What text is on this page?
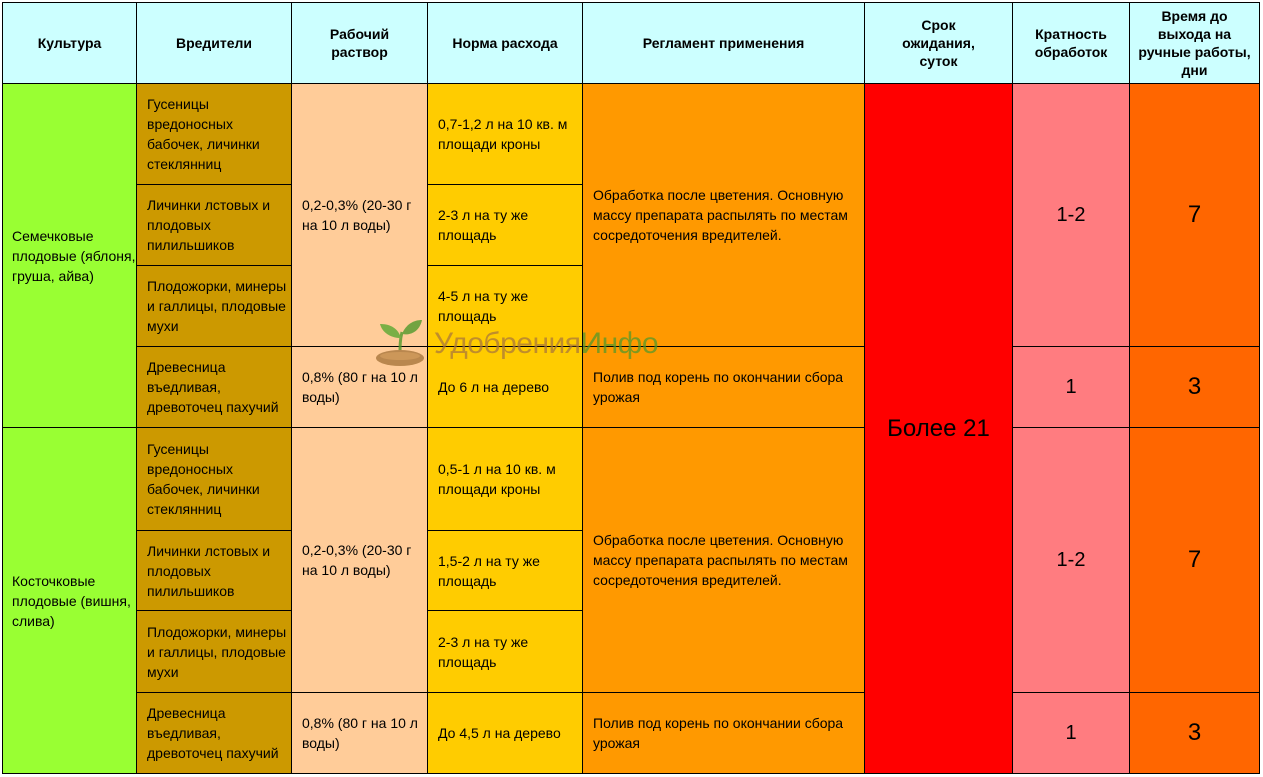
Культура	Вредители	Рабочий раствор	Норма расхода	Регламент применения	Срок ожидания, суток	Кратность обработок	Время до выхода на ручные работы, дни
Семечковые плодовые (яблоня, груша, айва)	Гусеницы вредоносных бабочек, личинки стеклянниц	0,2-0,3% (20-30 г на 10 л воды)	0,7-1,2 л на 10 кв. м площади кроны	Обработка после цветения. Основную массу препарата распылять по местам сосредоточения вредителей.	Более 21	1-2	7
	Личинки лстовых и плодовых пилильшиков		2-3 л на ту же площадь				
	Плодожорки, минеры и галлицы, плодовые мухи		4-5 л на ту же площадь				
	Древесница въедливая, древоточец пахучий	0,8% (80 г на 10 л воды)	До 6 л на дерево	Полив под корень по окончании сбора урожая		1	3
Косточковые плодовые (вишня, слива)	Гусеницы вредоносных бабочек, личинки стеклянниц	0,2-0,3% (20-30 г на 10 л воды)	0,5-1 л на 10 кв. м площади кроны	Обработка после цветения. Основную массу препарата распылять по местам сосредоточения вредителей.		1-2	7
	Личинки лстовых и плодовых пилильшиков		1,5-2 л на ту же площадь				
	Плодожорки, минеры и галлицы, плодовые мухи		2-3 л на ту же площадь				
	Древесница въедливая, древоточец пахучий	0,8% (80 г на 10 л воды)	До 4,5 л на дерево	Полив под корень по окончании сбора урожая		1	3
УдобренияИнфо
